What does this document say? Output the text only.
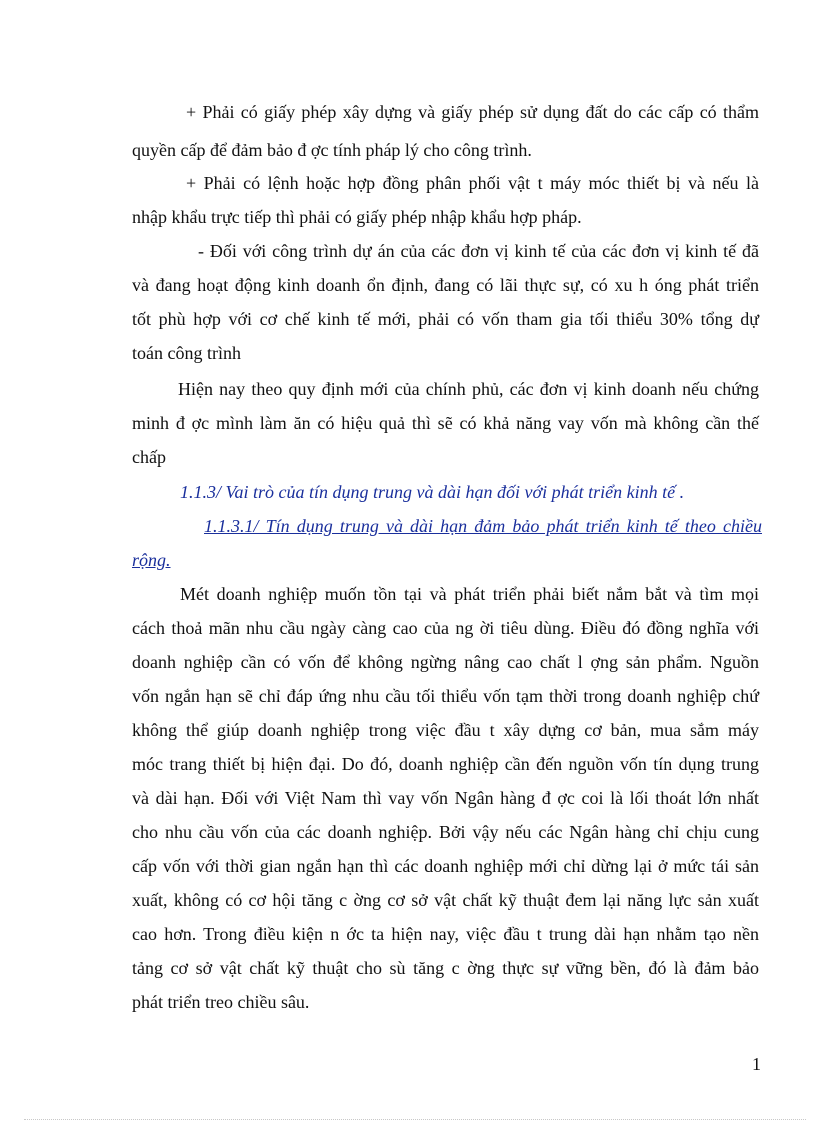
+ Phải có giấy phép xây dựng và giấy phép sử dụng đất do các cấp có thẩm
quyền cấp để đảm bảo đ ợc tính pháp lý cho công trình.
+ Phải có lệnh hoặc hợp đồng phân phối vật t máy móc thiết bị và nếu là
nhập khẩu trực tiếp thì phải có giấy phép nhập khẩu hợp pháp.
- Đối với công trình dự án của các đơn vị kinh tế của các đơn vị kinh tế đã
và đang hoạt động kinh doanh ổn định, đang có lãi thực sự, có xu h óng phát triển
tốt phù hợp với cơ chế kinh tế mới, phải có vốn tham gia tối thiểu 30% tổng dự
toán công trình
Hiện nay theo quy định mới của chính phủ, các đơn vị kinh doanh nếu chứng
minh đ ợc mình làm ăn có hiệu quả thì sẽ có khả năng vay vốn mà không cần thế
chấp
1.1.3/ Vai trò của tín dụng trung và dài hạn đối với phát triển kinh tế .
1.1.3.1/ Tín dụng trung và dài hạn đảm bảo phát triển kinh tế theo chiều
rộng.
Mét doanh nghiệp muốn tồn tại và phát triển phải biết nắm bắt và tìm mọi
cách thoả mãn nhu cầu ngày càng cao của ng ời tiêu dùng. Điều đó đồng nghĩa với
doanh nghiệp cần có vốn để không ngừng nâng cao chất l ợng sản phẩm. Nguồn
vốn ngắn hạn sẽ chỉ đáp ứng nhu cầu tối thiểu vốn tạm thời trong doanh nghiệp chứ
không thể giúp doanh nghiệp trong việc đầu t xây dựng cơ bản, mua sắm máy
móc trang thiết bị hiện đại. Do đó, doanh nghiệp cần đến nguồn vốn tín dụng trung
và dài hạn. Đối với Việt Nam thì vay vốn Ngân hàng đ ợc coi là lối thoát lớn nhất
cho nhu cầu vốn của các doanh nghiệp. Bởi vậy nếu các Ngân hàng chỉ chịu cung
cấp vốn với thời gian ngắn hạn thì các doanh nghiệp mới chỉ dừng lại ở mức tái sản
xuất, không có cơ hội tăng c ờng cơ sở vật chất kỹ thuật đem lại năng lực sản xuất
cao hơn. Trong điều kiện n ớc ta hiện nay, việc đầu t trung dài hạn nhằm tạo nền
tảng cơ sở vật chất kỹ thuật cho sù tăng c ờng thực sự vững bền, đó là đảm bảo
phát triển treo chiều sâu.
1
